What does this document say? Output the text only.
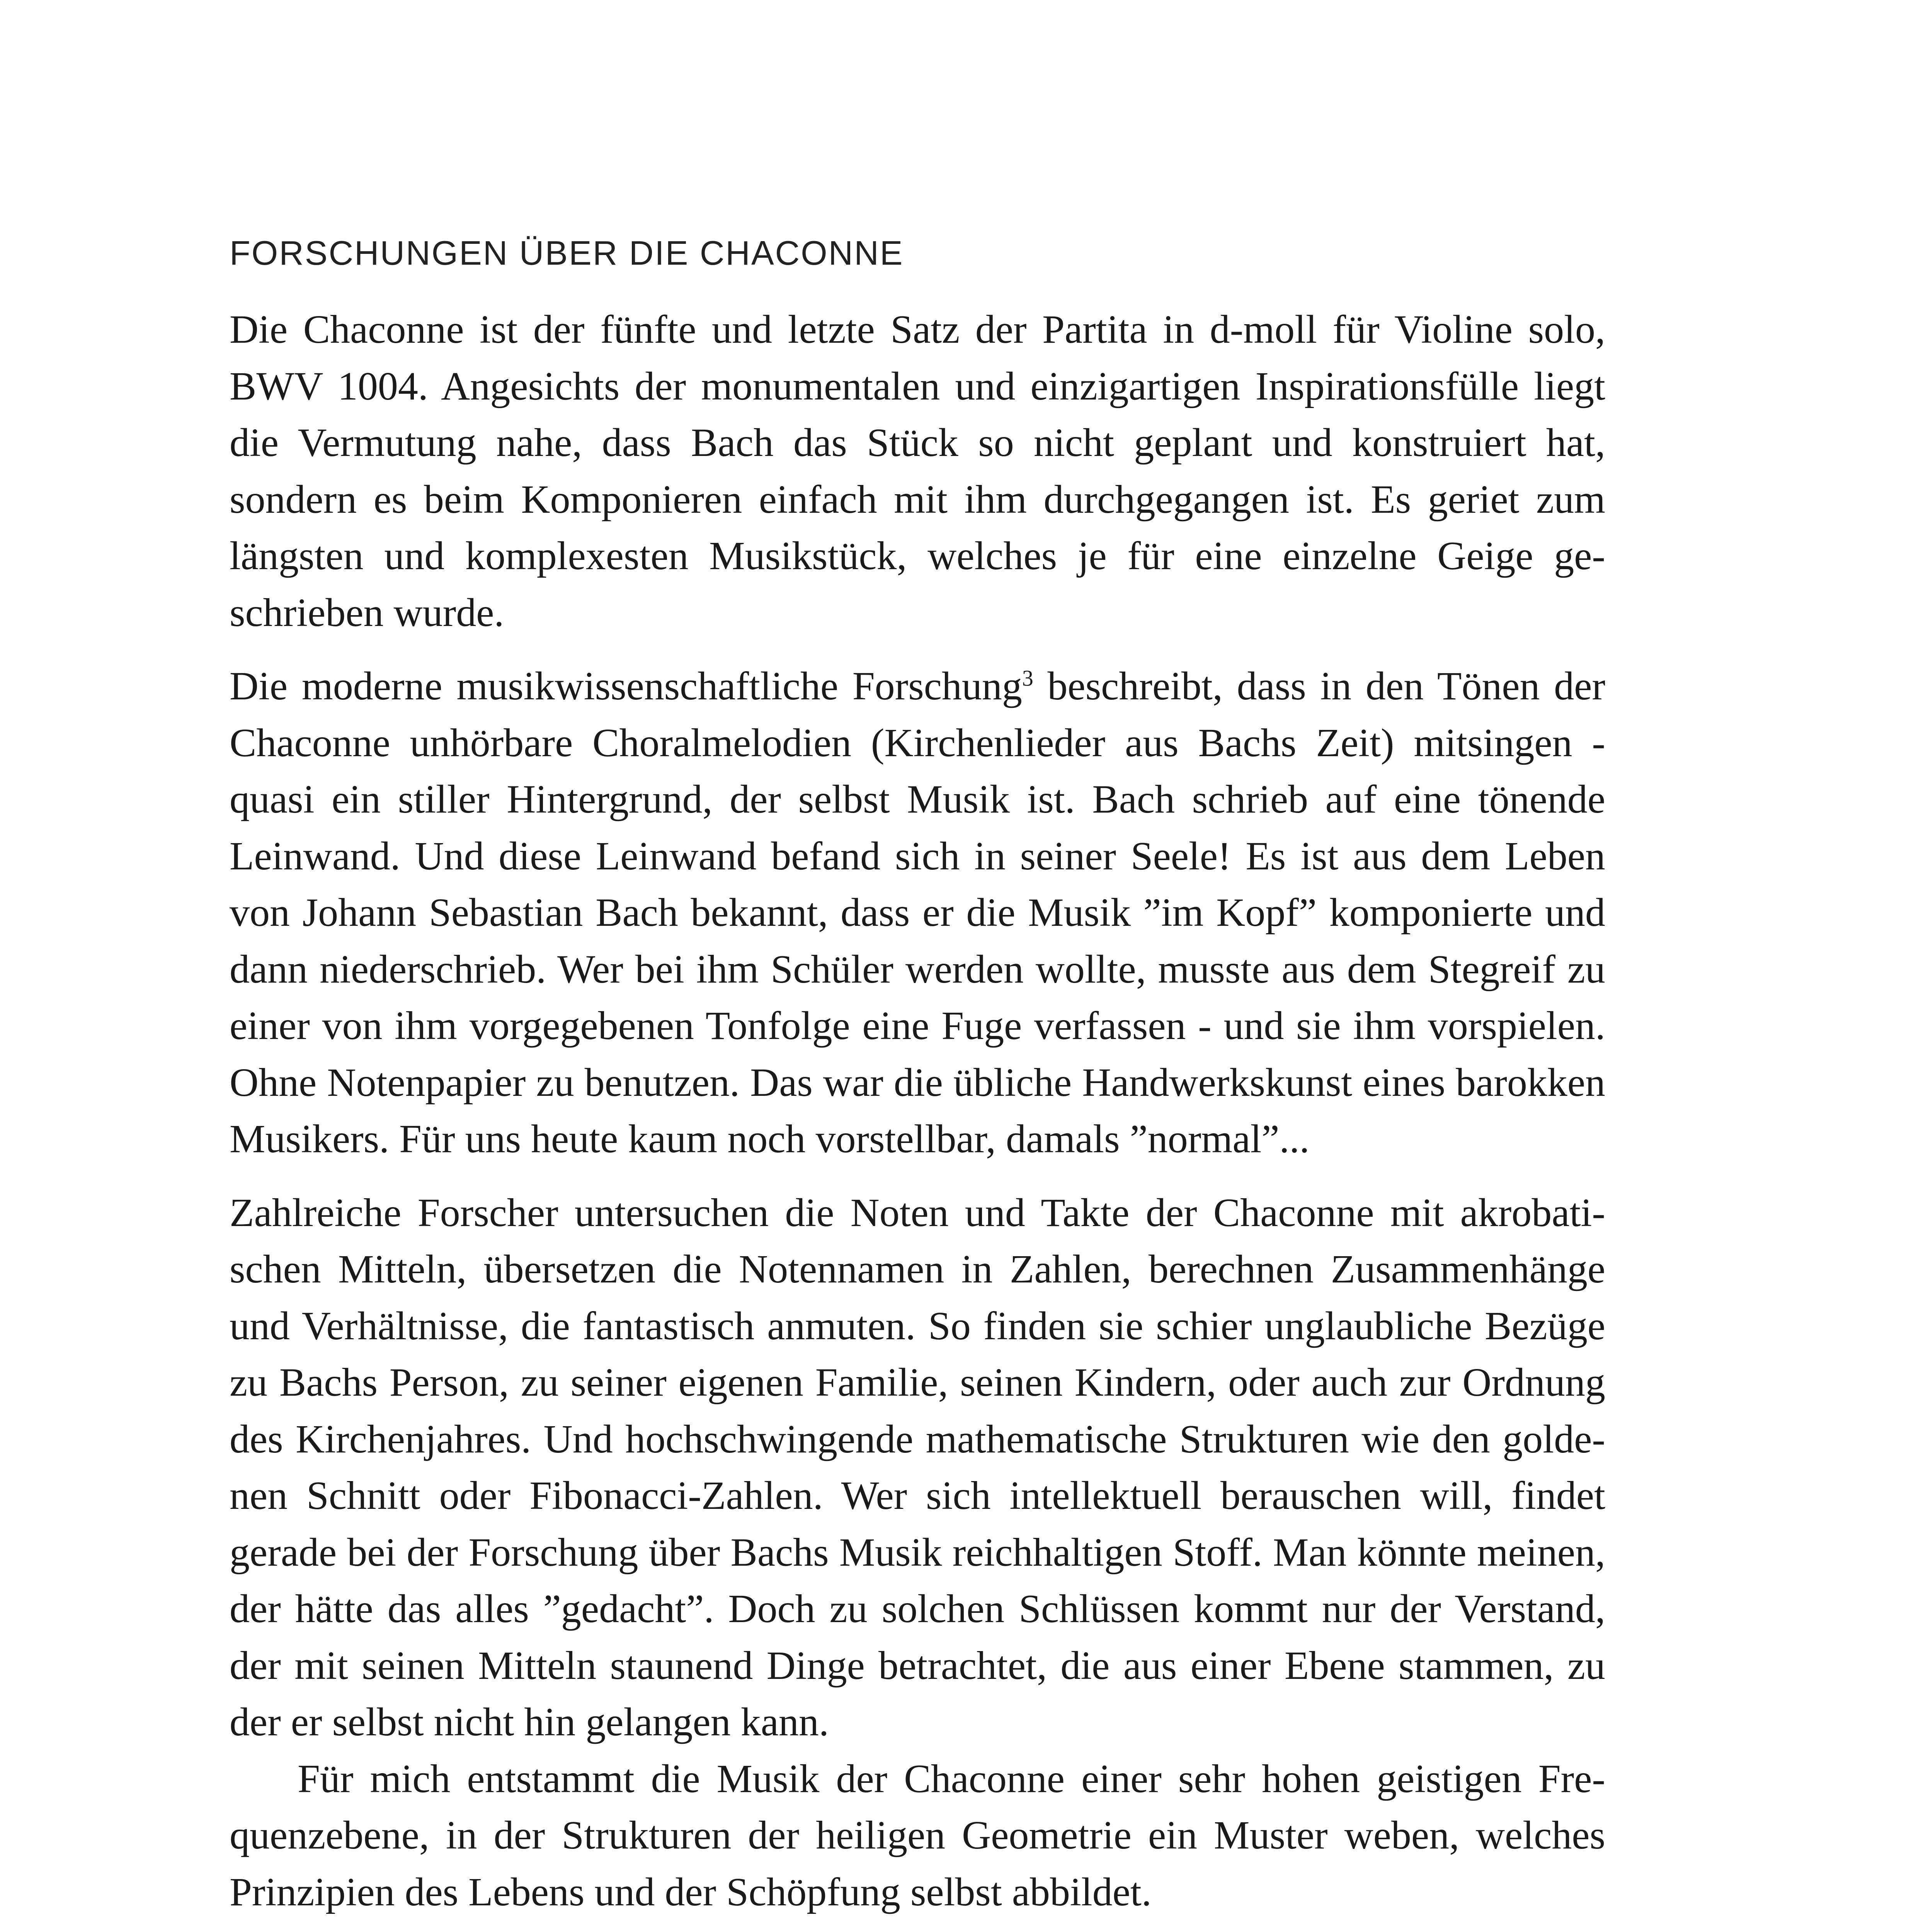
FORSCHUNGEN ÜBER DIE CHACONNE

Die Chaconne ist der fünfte und letzte Satz der Partita in d-moll für Violine solo, BWV 1004. Angesichts der monumentalen und einzigartigen Inspirationsfülle liegt die Vermutung nahe, dass Bach das Stück so nicht geplant und konstruiert hat, sondern es beim Komponieren einfach mit ihm durchgegangen ist. Es geriet zum längsten und komplexesten Musikstück, welches je für eine einzelne Geige geschrieben wurde.

Die moderne musikwissenschaftliche Forschung$^3$ beschreibt, dass in den Tönen der Chaconne unhörbare Choralmelodien (Kirchenlieder aus Bachs Zeit) mitsingen - quasi ein stiller Hintergrund, der selbst Musik ist. Bach schrieb auf eine tönende Leinwand. Und diese Leinwand befand sich in seiner Seele! Es ist aus dem Leben von Johann Sebastian Bach bekannt, dass er die Musik ”im Kopf” komponierte und dann niederschrieb. Wer bei ihm Schüler werden wollte, musste aus dem Stegreif zu einer von ihm vorgegebenen Tonfolge eine Fuge verfassen - und sie ihm vorspielen. Ohne Notenpapier zu benutzen. Das war die übliche Handwerkskunst eines barokken Musikers. Für uns heute kaum noch vorstellbar, damals ”normal”...

Zahlreiche Forscher untersuchen die Noten und Takte der Chaconne mit akrobatischen Mitteln, übersetzen die Notennamen in Zahlen, berechnen Zusammenhänge und Verhältnisse, die fantastisch anmuten. So finden sie schier unglaubliche Bezüge zu Bachs Person, zu seiner eigenen Familie, seinen Kindern, oder auch zur Ordnung des Kirchenjahres. Und hochschwingende mathematische Strukturen wie den goldenen Schnitt oder Fibonacci-Zahlen. Wer sich intellektuell berauschen will, findet gerade bei der Forschung über Bachs Musik reichhaltigen Stoff. Man könnte meinen, der hätte das alles ”gedacht”. Doch zu solchen Schlüssen kommt nur der Verstand, der mit seinen Mitteln staunend Dinge betrachtet, die aus einer Ebene stammen, zu der er selbst nicht hin gelangen kann.

Für mich entstammt die Musik der Chaconne einer sehr hohen geistigen Frequenzebene, in der Strukturen der heiligen Geometrie ein Muster weben, welches Prinzipien des Lebens und der Schöpfung selbst abbildet.
